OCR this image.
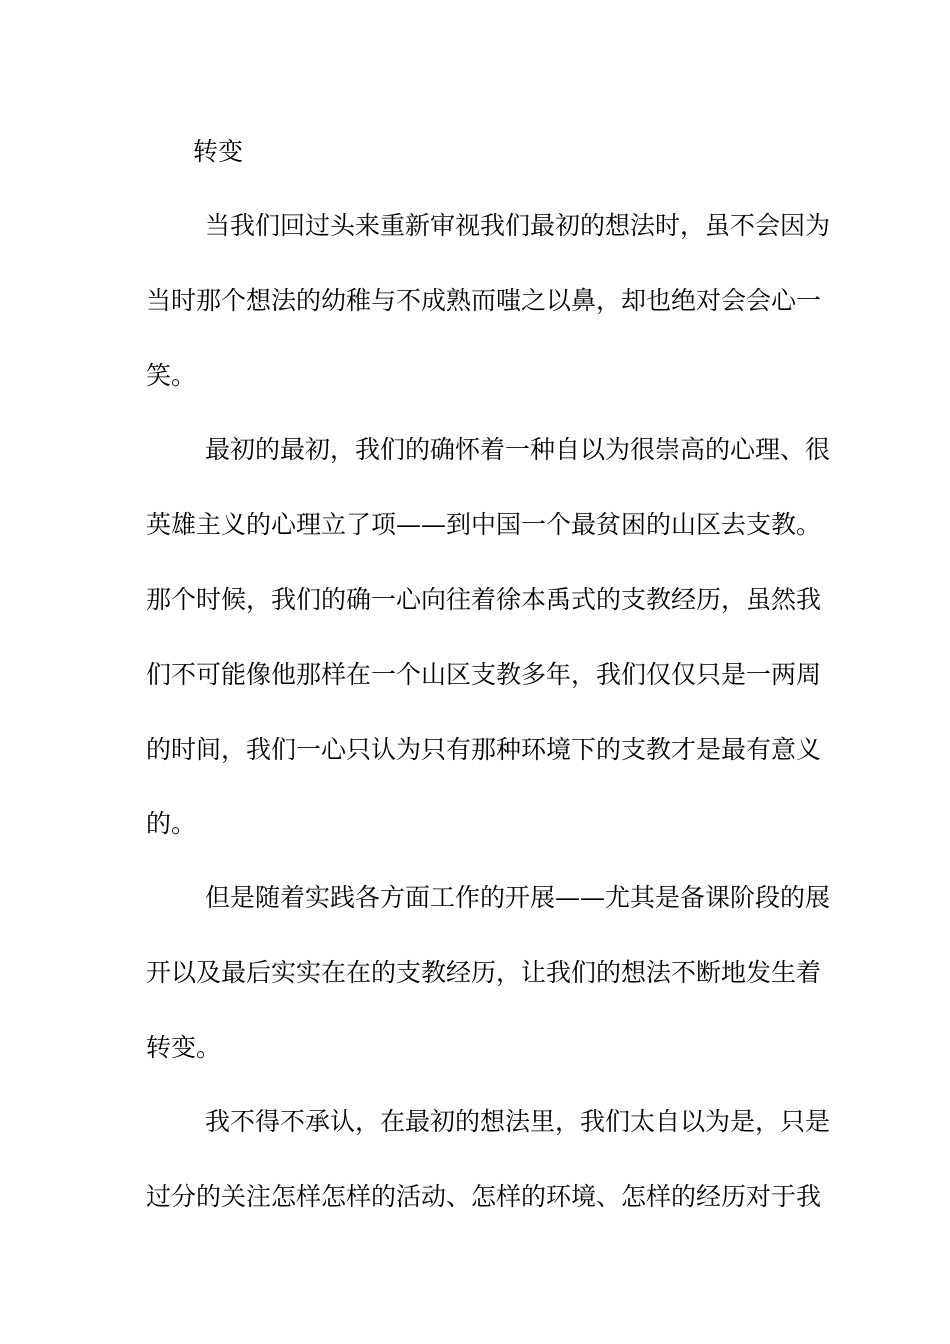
转变
当我们回过头来重新审视我们最初的想法时，虽不会因为
当时那个想法的幼稚与不成熟而嗤之以鼻，却也绝对会会心一
笑。
最初的最初，我们的确怀着一种自以为很崇高的心理、很
英雄主义的心理立了项——到中国一个最贫困的山区去支教。
那个时候，我们的确一心向往着徐本禹式的支教经历，虽然我
们不可能像他那样在一个山区支教多年，我们仅仅只是一两周
的时间，我们一心只认为只有那种环境下的支教才是最有意义
的。
但是随着实践各方面工作的开展——尤其是备课阶段的展
开以及最后实实在在的支教经历，让我们的想法不断地发生着
转变。
我不得不承认，在最初的想法里，我们太自以为是，只是
过分的关注怎样怎样的活动、怎样的环境、怎样的经历对于我
